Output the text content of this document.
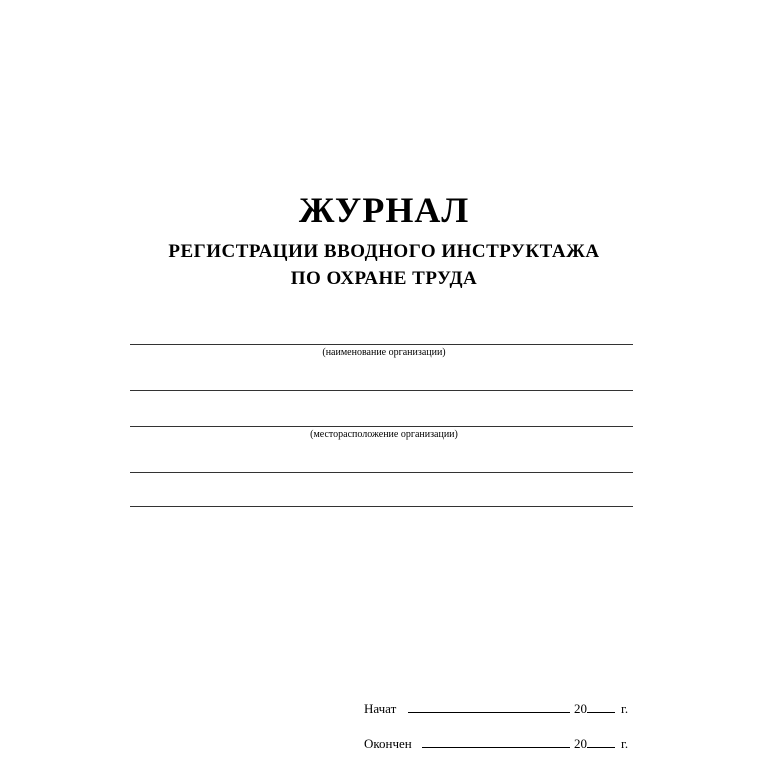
ЖУРНАЛ
РЕГИСТРАЦИИ ВВОДНОГО ИНСТРУКТАЖА
ПО ОХРАНЕ ТРУДА
(наименование организации)
(месторасположение организации)
Начат	20	г.
Окончен	20	г.
